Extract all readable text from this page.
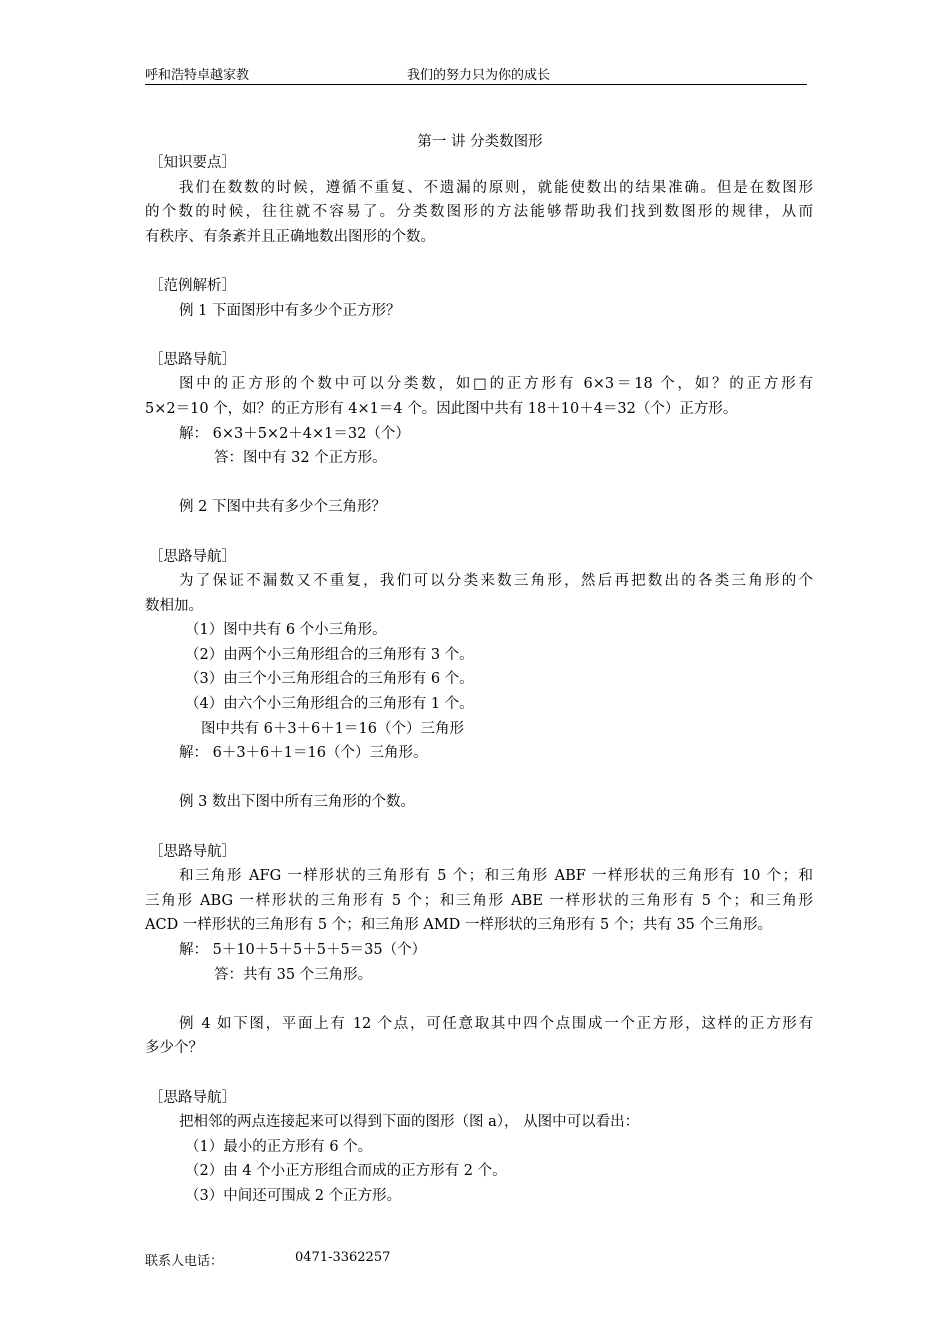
呼和浩特卓越家教	我们的努力只为你的成长
第一 讲 分类数图形
［知识要点］
我们在数数的时候，遵循不重复、不遗漏的原则，就能使数出的结果准确。但是在数图形
的个数的时候，往往就不容易了。分类数图形的方法能够帮助我们找到数图形的规律，从而
有秩序、有条紊并且正确地数出图形的个数。
［范例解析］
例 1 下面图形中有多少个正方形？
［思路导航］
图中的正方形的个数中可以分类数，如□的正方形有 6×3＝18 个，如？的正方形有
5×2＝10 个，如？的正方形有 4×1＝4 个。因此图中共有 18＋10＋4＝32（个）正方形。
解： 6×3＋5×2＋4×1＝32（个）
答：图中有 32 个正方形。
例 2 下图中共有多少个三角形？
［思路导航］
为了保证不漏数又不重复，我们可以分类来数三角形，然后再把数出的各类三角形的个
数相加。
（1）图中共有 6 个小三角形。
（2）由两个小三角形组合的三角形有 3 个。
（3）由三个小三角形组合的三角形有 6 个。
（4）由六个小三角形组合的三角形有 1 个。
图中共有 6＋3＋6＋1＝16（个）三角形
解： 6＋3＋6＋1＝16（个）三角形。
例 3 数出下图中所有三角形的个数。
［思路导航］
和三角形 AFG 一样形状的三角形有 5 个；和三角形 ABF 一样形状的三角形有 10 个；和
三角形 ABG 一样形状的三角形有 5 个；和三角形 ABE 一样形状的三角形有 5 个；和三角形
ACD 一样形状的三角形有 5 个；和三角形 AMD 一样形状的三角形有 5 个；共有 35 个三角形。
解： 5＋10＋5＋5＋5＋5＝35（个）
答：共有 35 个三角形。
例 4 如下图，平面上有 12 个点，可任意取其中四个点围成一个正方形，这样的正方形有
多少个？
［思路导航］
把相邻的两点连接起来可以得到下面的图形（图 a）， 从图中可以看出：
（1）最小的正方形有 6 个。
（2）由 4 个小正方形组合而成的正方形有 2 个。
（3）中间还可围成 2 个正方形。
联系人电话：	0471-3362257
